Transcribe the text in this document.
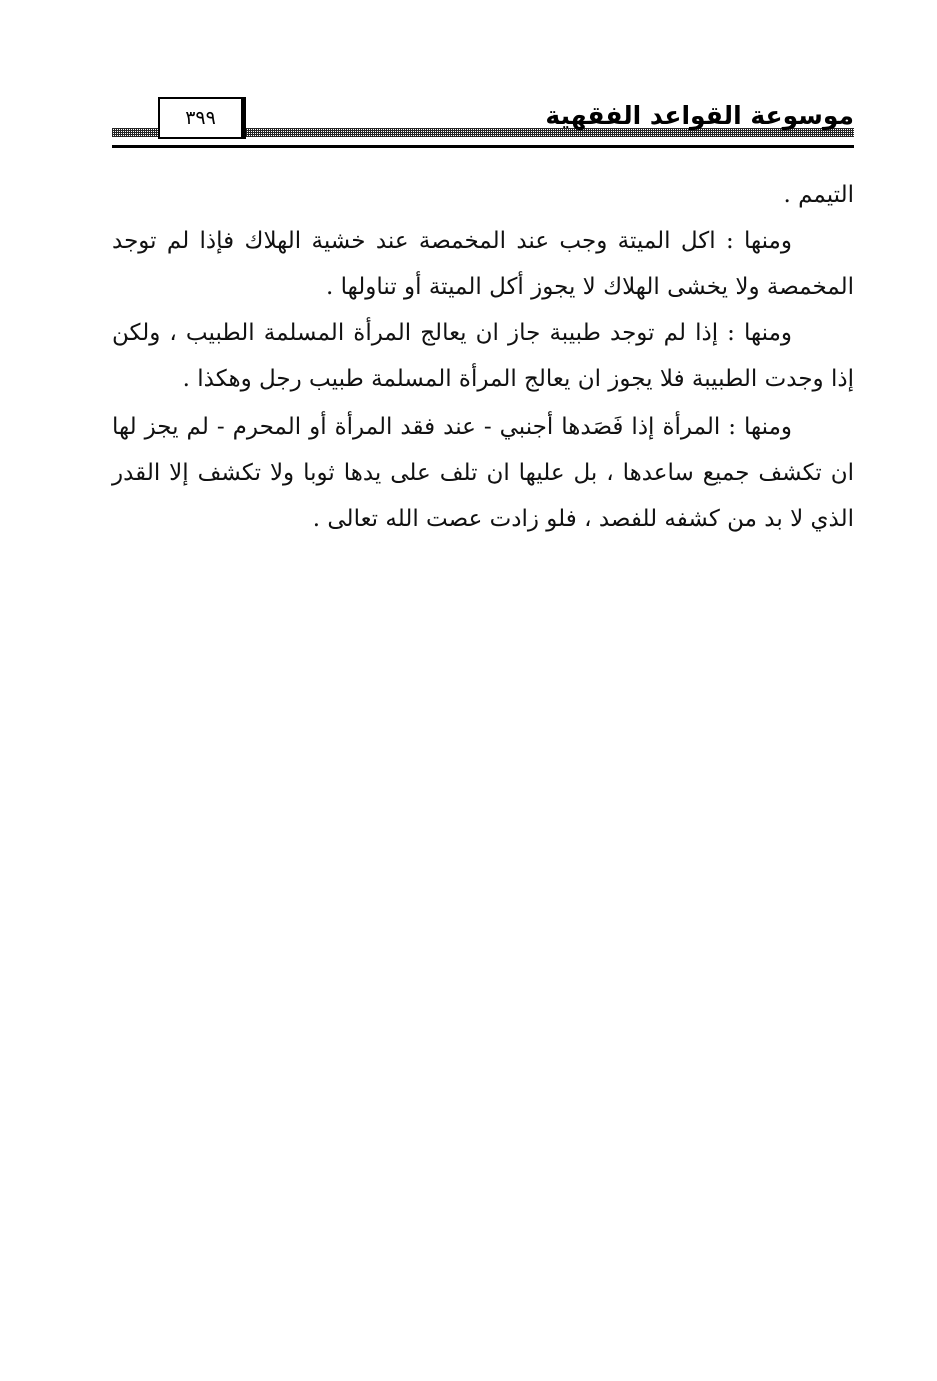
موسوعة القواعد الفقهية
٣٩٩

التيمم .

ومنها : اكل الميتة وجب عند المخمصة عند خشية الهلاك فإذا لم توجد المخمصة ولا يخشى الهلاك لا يجوز أكل الميتة أو تناولها .

ومنها : إذا لم توجد طبيبة جاز ان يعالج المرأة المسلمة الطبيب ، ولكن إذا وجدت الطبيبة فلا يجوز ان يعالج المرأة المسلمة طبيب رجل وهكذا .

ومنها : المرأة إذا فَصَدها أجنبي - عند فقد المرأة أو المحرم - لم يجز لها ان تكشف جميع ساعدها ، بل عليها ان تلف على يدها ثوبا ولا تكشف إلا القدر الذي لا بد من كشفه للفصد ، فلو زادت عصت الله تعالى .
